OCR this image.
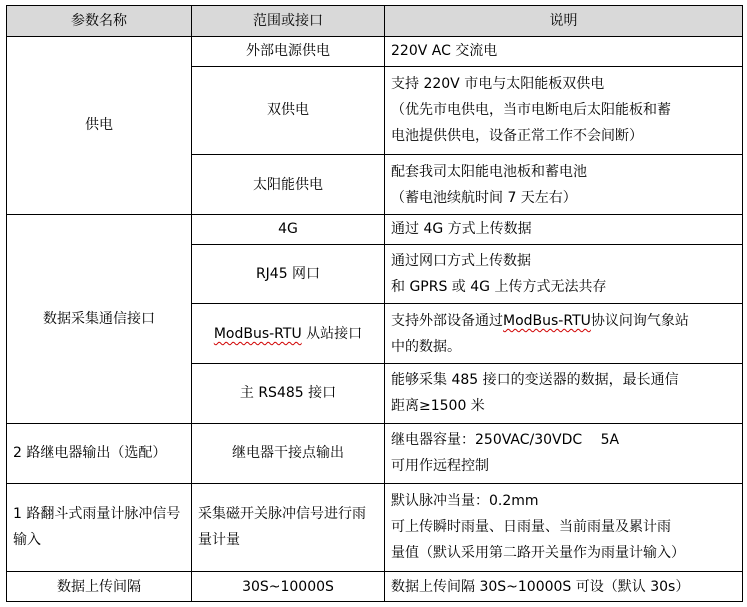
参数名称	范围或接口	说明
供电	外部电源供电	220V AC 交流电

	双供电	支持 220V 市电与太阳能板双供电
（优先市电供电，当市电断电后太阳能板和蓄
电池提供供电，设备正常工作不会间断）

	太阳能供电	配套我司太阳能电池板和蓄电池
（蓄电池续航时间 7 天左右）

数据采集通信接口	4G	通过 4G 方式上传数据

	RJ45 网口	通过网口方式上传数据
和 GPRS 或 4G 上传方式无法共存

	ModBus-RTU 从站接口	支持外部设备通过ModBus-RTU协议问询气象站
中的数据。

	主 RS485 接口	能够采集 485 接口的变送器的数据，最长通信
距离≥1500 米

2 路继电器输出（选配）	继电器干接点输出	继电器容量：250VAC/30VDC　 5A
可用作远程控制

1 路翻斗式雨量计脉冲信号输入	采集磁开关脉冲信号进行雨量计量	默认脉冲当量：0.2mm
可上传瞬时雨量、日雨量、当前雨量及累计雨
量值（默认采用第二路开关量作为雨量计输入）

数据上传间隔	30S~10000S	数据上传间隔 30S~10000S 可设（默认 30s）
